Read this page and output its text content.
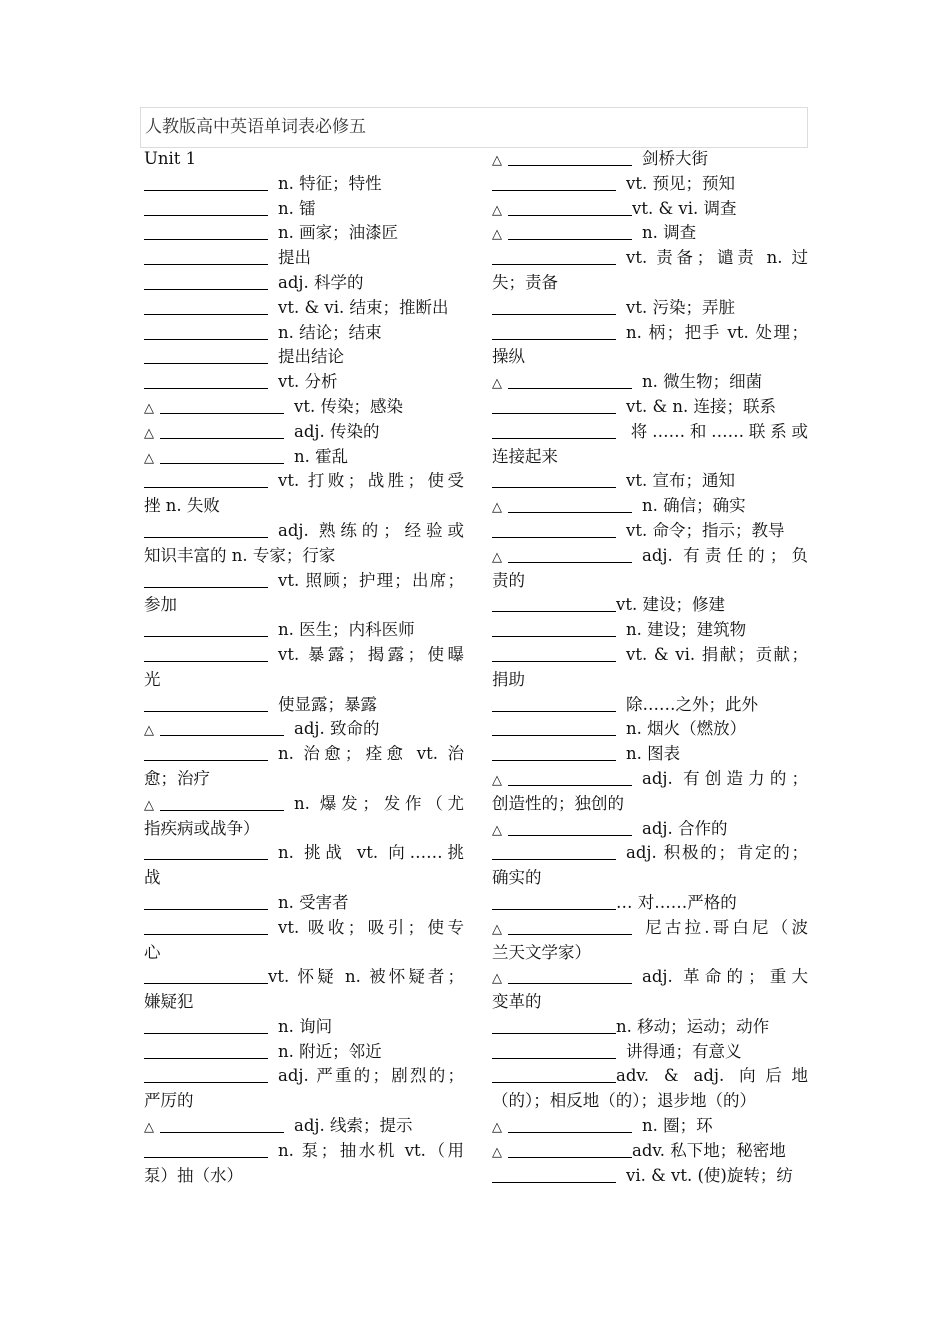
人教版高中英语单词表必修五
Unit 1
n. 特征；特性
n. 镭
n. 画家；油漆匠
提出
adj. 科学的
vt. & vi. 结束；推断出
n. 结论；结束
提出结论
vt. 分析
△	vt. 传染；感染
△	adj. 传染的
△	n. 霍乱
vt. 打败；战胜；使受
挫 n. 失败
adj. 熟练的；经验或
知识丰富的 n. 专家；行家
vt. 照顾；护理；出席；
参加
n. 医生；内科医师
vt. 暴露；揭露；使曝
光
使显露；暴露
△	adj. 致命的
n. 治愈；痊愈 vt. 治
愈；治疗
△	n. 爆发；发作（尤
指疾病或战争）
n. 挑战 vt. 向……挑
战
n. 受害者
vt. 吸收；吸引；使专
心
vt. 怀疑 n. 被怀疑者；
嫌疑犯
n. 询问
n. 附近；邻近
adj. 严重的；剧烈的；
严厉的
△	adj. 线索；提示
n. 泵；抽水机 vt.（用
泵）抽（水）
△	剑桥大街
vt. 预见；预知
△	vt. & vi. 调查
△	n. 调查
vt. 责备；谴责 n. 过
失；责备
vt. 污染；弄脏
n. 柄；把手 vt. 处理；
操纵
△	n. 微生物；细菌
vt. & n. 连接；联系
将……和……联系或
连接起来
vt. 宣布；通知
△	n. 确信；确实
vt. 命令；指示；教导
△	adj. 有责任的；负
责的
vt. 建设；修建
n. 建设；建筑物
vt. & vi. 捐献；贡献；
捐助
除……之外；此外
n. 烟火（燃放）
n. 图表
△	adj. 有创造力的；
创造性的；独创的
△	adj. 合作的
adj. 积极的；肯定的；
确实的
… 对……严格的
△	尼古拉.哥白尼（波
兰天文学家）
△	adj. 革命的；重大
变革的
n. 移动；运动；动作
讲得通；有意义
adv. & adj. 向后地
（的）；相反地（的）；退步地（的）
△	n. 圈；环
△	adv. 私下地；秘密地
vi. & vt. (使)旋转；纺
